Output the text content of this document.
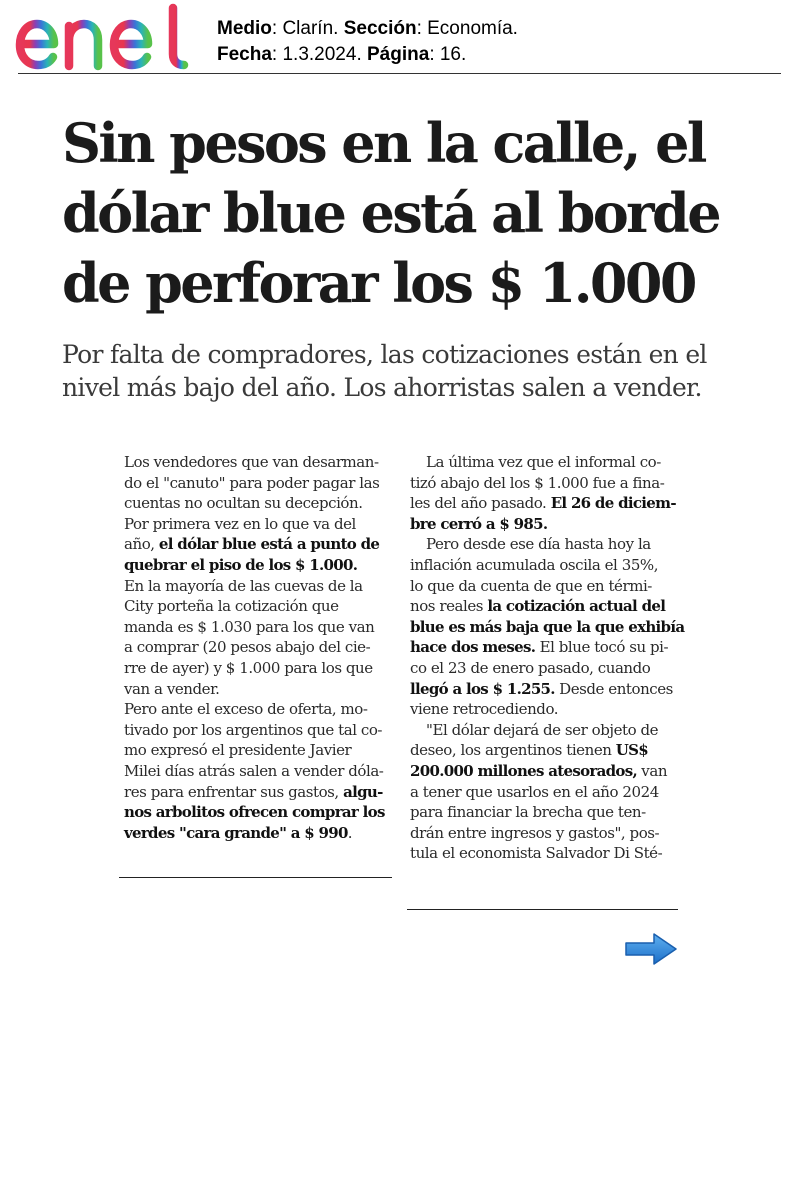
Medio: Clarín. Sección: Economía.
Fecha: 1.3.2024. Página: 16.
Sin pesos en la calle, el
dólar blue está al borde
de perforar los $ 1.000

Por falta de compradores, las cotizaciones están en el
nivel más bajo del año. Los ahorristas salen a vender.

Los vendedores que van desarman-
do el "canuto" para poder pagar las
cuentas no ocultan su decepción.
Por primera vez en lo que va del
año, el dólar blue está a punto de
quebrar el piso de los $ 1.000.
En la mayoría de las cuevas de la
City porteña la cotización que
manda es $ 1.030 para los que van
a comprar (20 pesos abajo del cie-
rre de ayer) y $ 1.000 para los que
van a vender.
Pero ante el exceso de oferta, mo-
tivado por los argentinos que tal co-
mo expresó el presidente Javier
Milei días atrás salen a vender dóla-
res para enfrentar sus gastos, algu-
nos arbolitos ofrecen comprar los
verdes "cara grande" a $ 990.
La última vez que el informal co-
tizó abajo del los $ 1.000 fue a fina-
les del año pasado. El 26 de diciem-
bre cerró a $ 985.
Pero desde ese día hasta hoy la
inflación acumulada oscila el 35%,
lo que da cuenta de que en térmi-
nos reales la cotización actual del
blue es más baja que la que exhibía
hace dos meses. El blue tocó su pi-
co el 23 de enero pasado, cuando
llegó a los $ 1.255. Desde entonces
viene retrocediendo.
"El dólar dejará de ser objeto de
deseo, los argentinos tienen US$
200.000 millones atesorados, van
a tener que usarlos en el año 2024
para financiar la brecha que ten-
drán entre ingresos y gastos", pos-
tula el economista Salvador Di Sté-
